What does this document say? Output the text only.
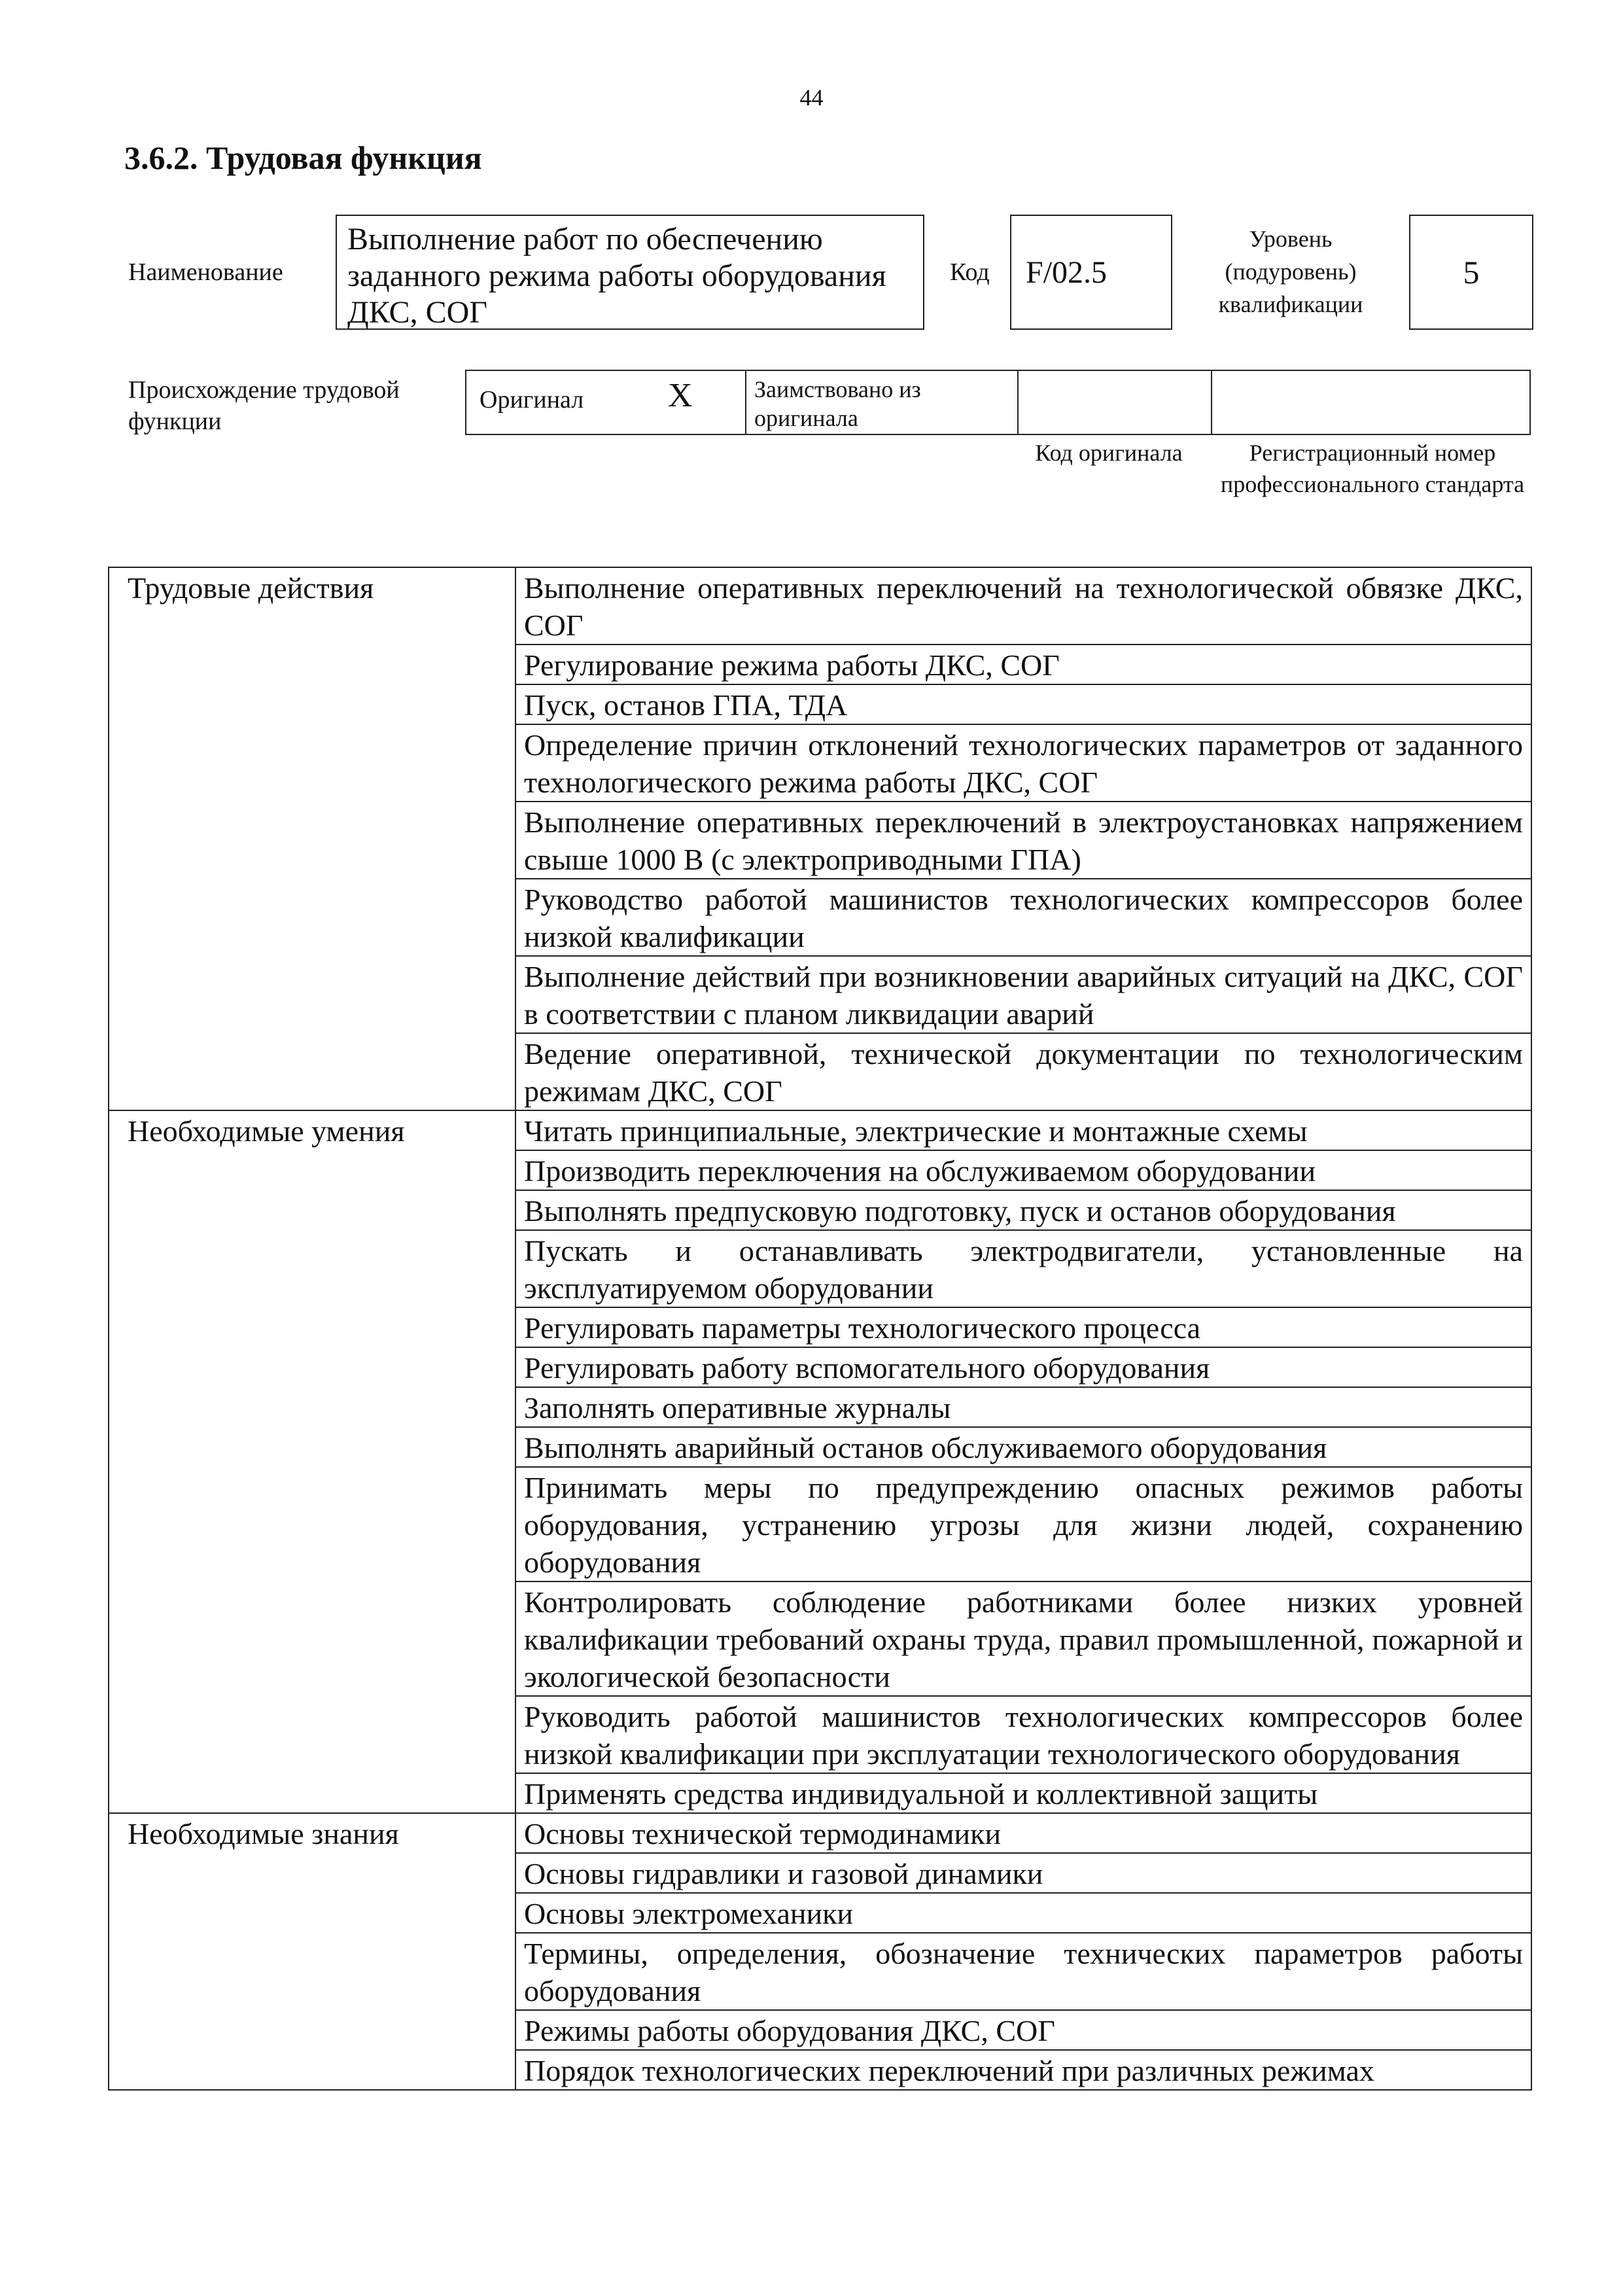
44
3.6.2. Трудовая функция
Наименование
Выполнение работ по обеспечению заданного режима работы оборудования ДКС, СОГ
Код	F/02.5
Уровень (подуровень) квалификации
5
Происхождение трудовой функции
Оригинал X	Заимствовано из оригинала
Код оригинала	Регистрационный номер профессионального стандарта
Трудовые действия	Выполнение оперативных переключений на технологической обвязке ДКС, СОГ
	Регулирование режима работы ДКС, СОГ
	Пуск, останов ГПА, ТДА
	Определение причин отклонений технологических параметров от заданного технологического режима работы ДКС, СОГ
	Выполнение оперативных переключений в электроустановках напряжением свыше 1000 В (с электроприводными ГПА)
	Руководство работой машинистов технологических компрессоров более низкой квалификации
	Выполнение действий при возникновении аварийных ситуаций на ДКС, СОГ в соответствии с планом ликвидации аварий
	Ведение оперативной, технической документации по технологическим режимам ДКС, СОГ
Необходимые умения	Читать принципиальные, электрические и монтажные схемы
	Производить переключения на обслуживаемом оборудовании
	Выполнять предпусковую подготовку, пуск и останов оборудования
	Пускать и останавливать электродвигатели, установленные на эксплуатируемом оборудовании
	Регулировать параметры технологического процесса
	Регулировать работу вспомогательного оборудования
	Заполнять оперативные журналы
	Выполнять аварийный останов обслуживаемого оборудования
	Принимать меры по предупреждению опасных режимов работы оборудования, устранению угрозы для жизни людей, сохранению оборудования
	Контролировать соблюдение работниками более низких уровней квалификации требований охраны труда, правил промышленной, пожарной и экологической безопасности
	Руководить работой машинистов технологических компрессоров более низкой квалификации при эксплуатации технологического оборудования
	Применять средства индивидуальной и коллективной защиты
Необходимые знания	Основы технической термодинамики
	Основы гидравлики и газовой динамики
	Основы электромеханики
	Термины, определения, обозначение технических параметров работы оборудования
	Режимы работы оборудования ДКС, СОГ
	Порядок технологических переключений при различных режимах
